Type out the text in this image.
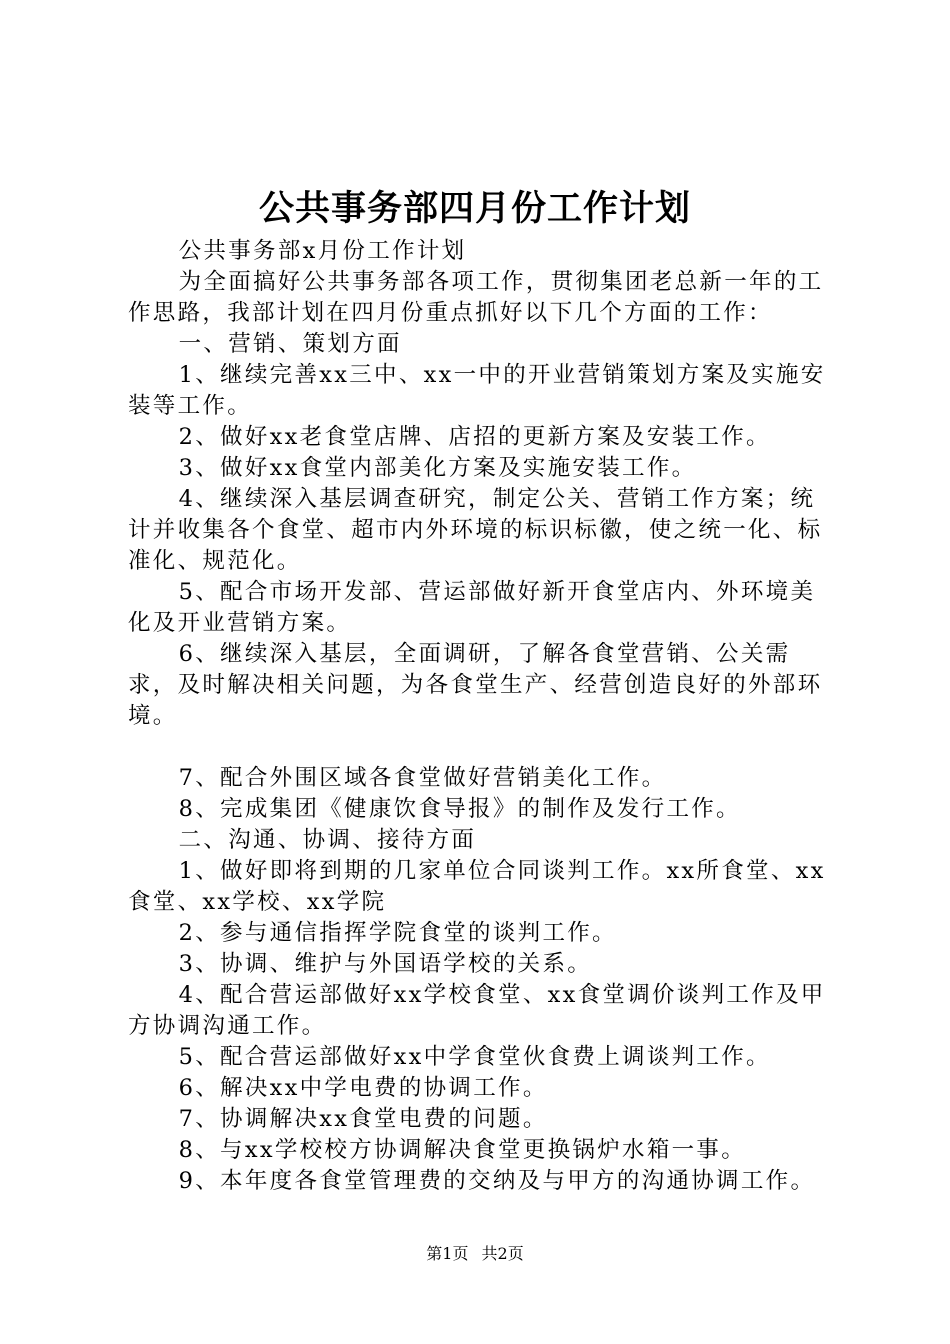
公共事务部四月份工作计划

公共事务部x月份工作计划

为全面搞好公共事务部各项工作，贯彻集团老总新一年的工作思路，我部计划在四月份重点抓好以下几个方面的工作：

一、营销、策划方面

1、继续完善xx三中、xx一中的开业营销策划方案及实施安装等工作。

2、做好xx老食堂店牌、店招的更新方案及安装工作。

3、做好xx食堂内部美化方案及实施安装工作。

4、继续深入基层调查研究，制定公关、营销工作方案；统计并收集各个食堂、超市内外环境的标识标徽，使之统一化、标准化、规范化。

5、配合市场开发部、营运部做好新开食堂店内、外环境美化及开业营销方案。

6、继续深入基层，全面调研，了解各食堂营销、公关需求，及时解决相关问题，为各食堂生产、经营创造良好的外部环境。

7、配合外围区域各食堂做好营销美化工作。

8、完成集团《健康饮食导报》的制作及发行工作。

二、沟通、协调、接待方面

1、做好即将到期的几家单位合同谈判工作。xx所食堂、xx食堂、xx学校、xx学院

2、参与通信指挥学院食堂的谈判工作。

3、协调、维护与外国语学校的关系。

4、配合营运部做好xx学校食堂、xx食堂调价谈判工作及甲方协调沟通工作。

5、配合营运部做好xx中学食堂伙食费上调谈判工作。

6、解决xx中学电费的协调工作。

7、协调解决xx食堂电费的问题。

8、与xx学校校方协调解决食堂更换锅炉水箱一事。

9、本年度各食堂管理费的交纳及与甲方的沟通协调工作。

第1页 共2页
